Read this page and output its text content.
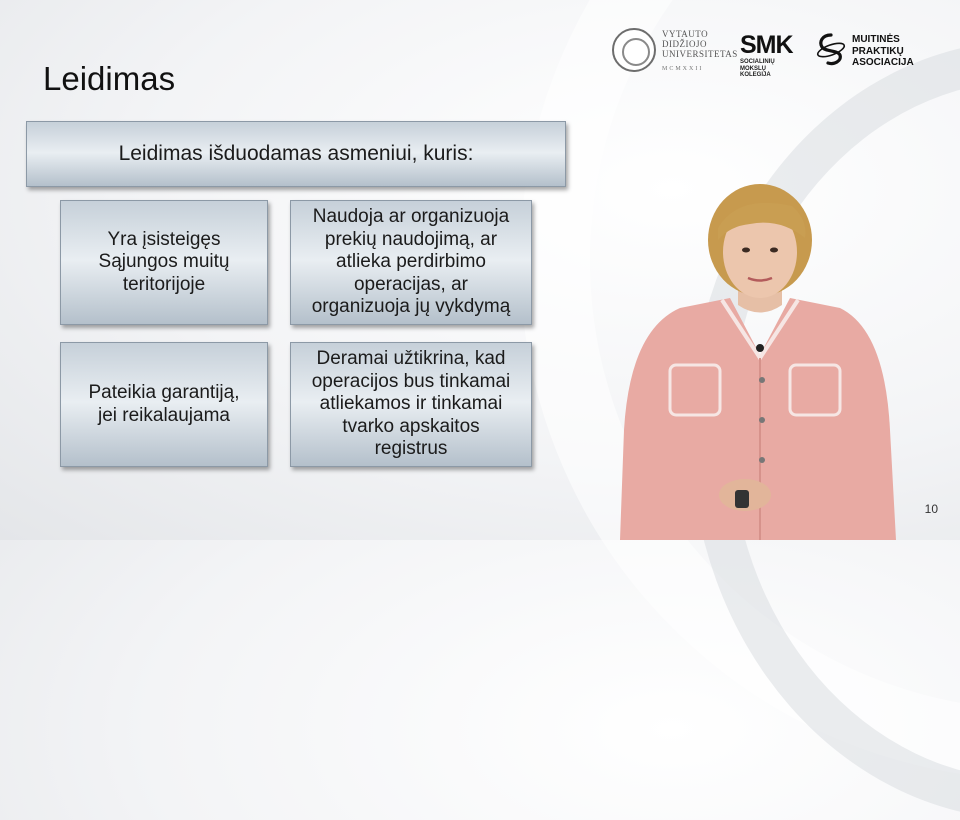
Leidimas
Leidimas išduodamas asmeniui, kuris:
Yra įsisteigęs
Sąjungos muitų
teritorijoje
Naudoja ar organizuoja
prekių naudojimą, ar
atlieka perdirbimo
operacijas, ar
organizuoja jų vykdymą
Pateikia garantiją,
jei reikalaujama
Deramai užtikrina, kad
operacijos bus tinkamai
atliekamos ir tinkamai
tvarko apskaitos
registrus
VYTAUTO
DIDŽIOJO
UNIVERSITETAS
MCMXXII
SMK
SOCIALINIŲ MOKSLŲ
KOLEGIJA
MUITINĖS
PRAKTIKŲ
ASOCIACIJA
10
